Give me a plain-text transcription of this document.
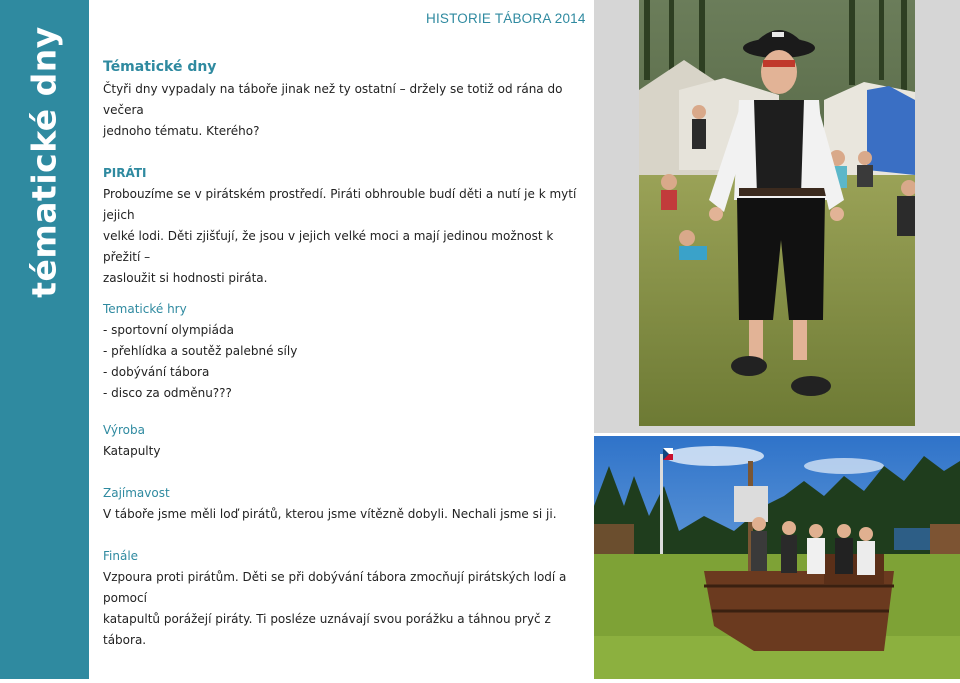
tématické dny
HISTORIE TÁBORA 2014

Tématické dny

Čtyři dny vypadaly na táboře jinak než ty ostatní – držely se totiž od rána do večera

jednoho tématu. Kterého?

PIRÁTI

Probouzíme se v pirátském prostředí. Piráti obhrouble budí děti a nutí je k mytí jejich

velké lodi. Děti zjišťují, že jsou v jejich velké moci a mají jedinou možnost k přežití –

zasloužit si hodnosti piráta.

Tematické hry

- sportovní olympiáda

- přehlídka a soutěž palebné síly

- dobývání tábora

- disco za odměnu???

Výroba

Katapulty

Zajímavost

V táboře jsme měli loď pirátů, kterou jsme vítězně dobyli. Nechali jsme si ji.

Finále

Vzpoura proti pirátům. Děti se při dobývání tábora zmocňují pirátských lodí a pomocí

katapultů porážejí piráty. Ti posléze uznávají svou porážku a táhnou pryč z tábora.
